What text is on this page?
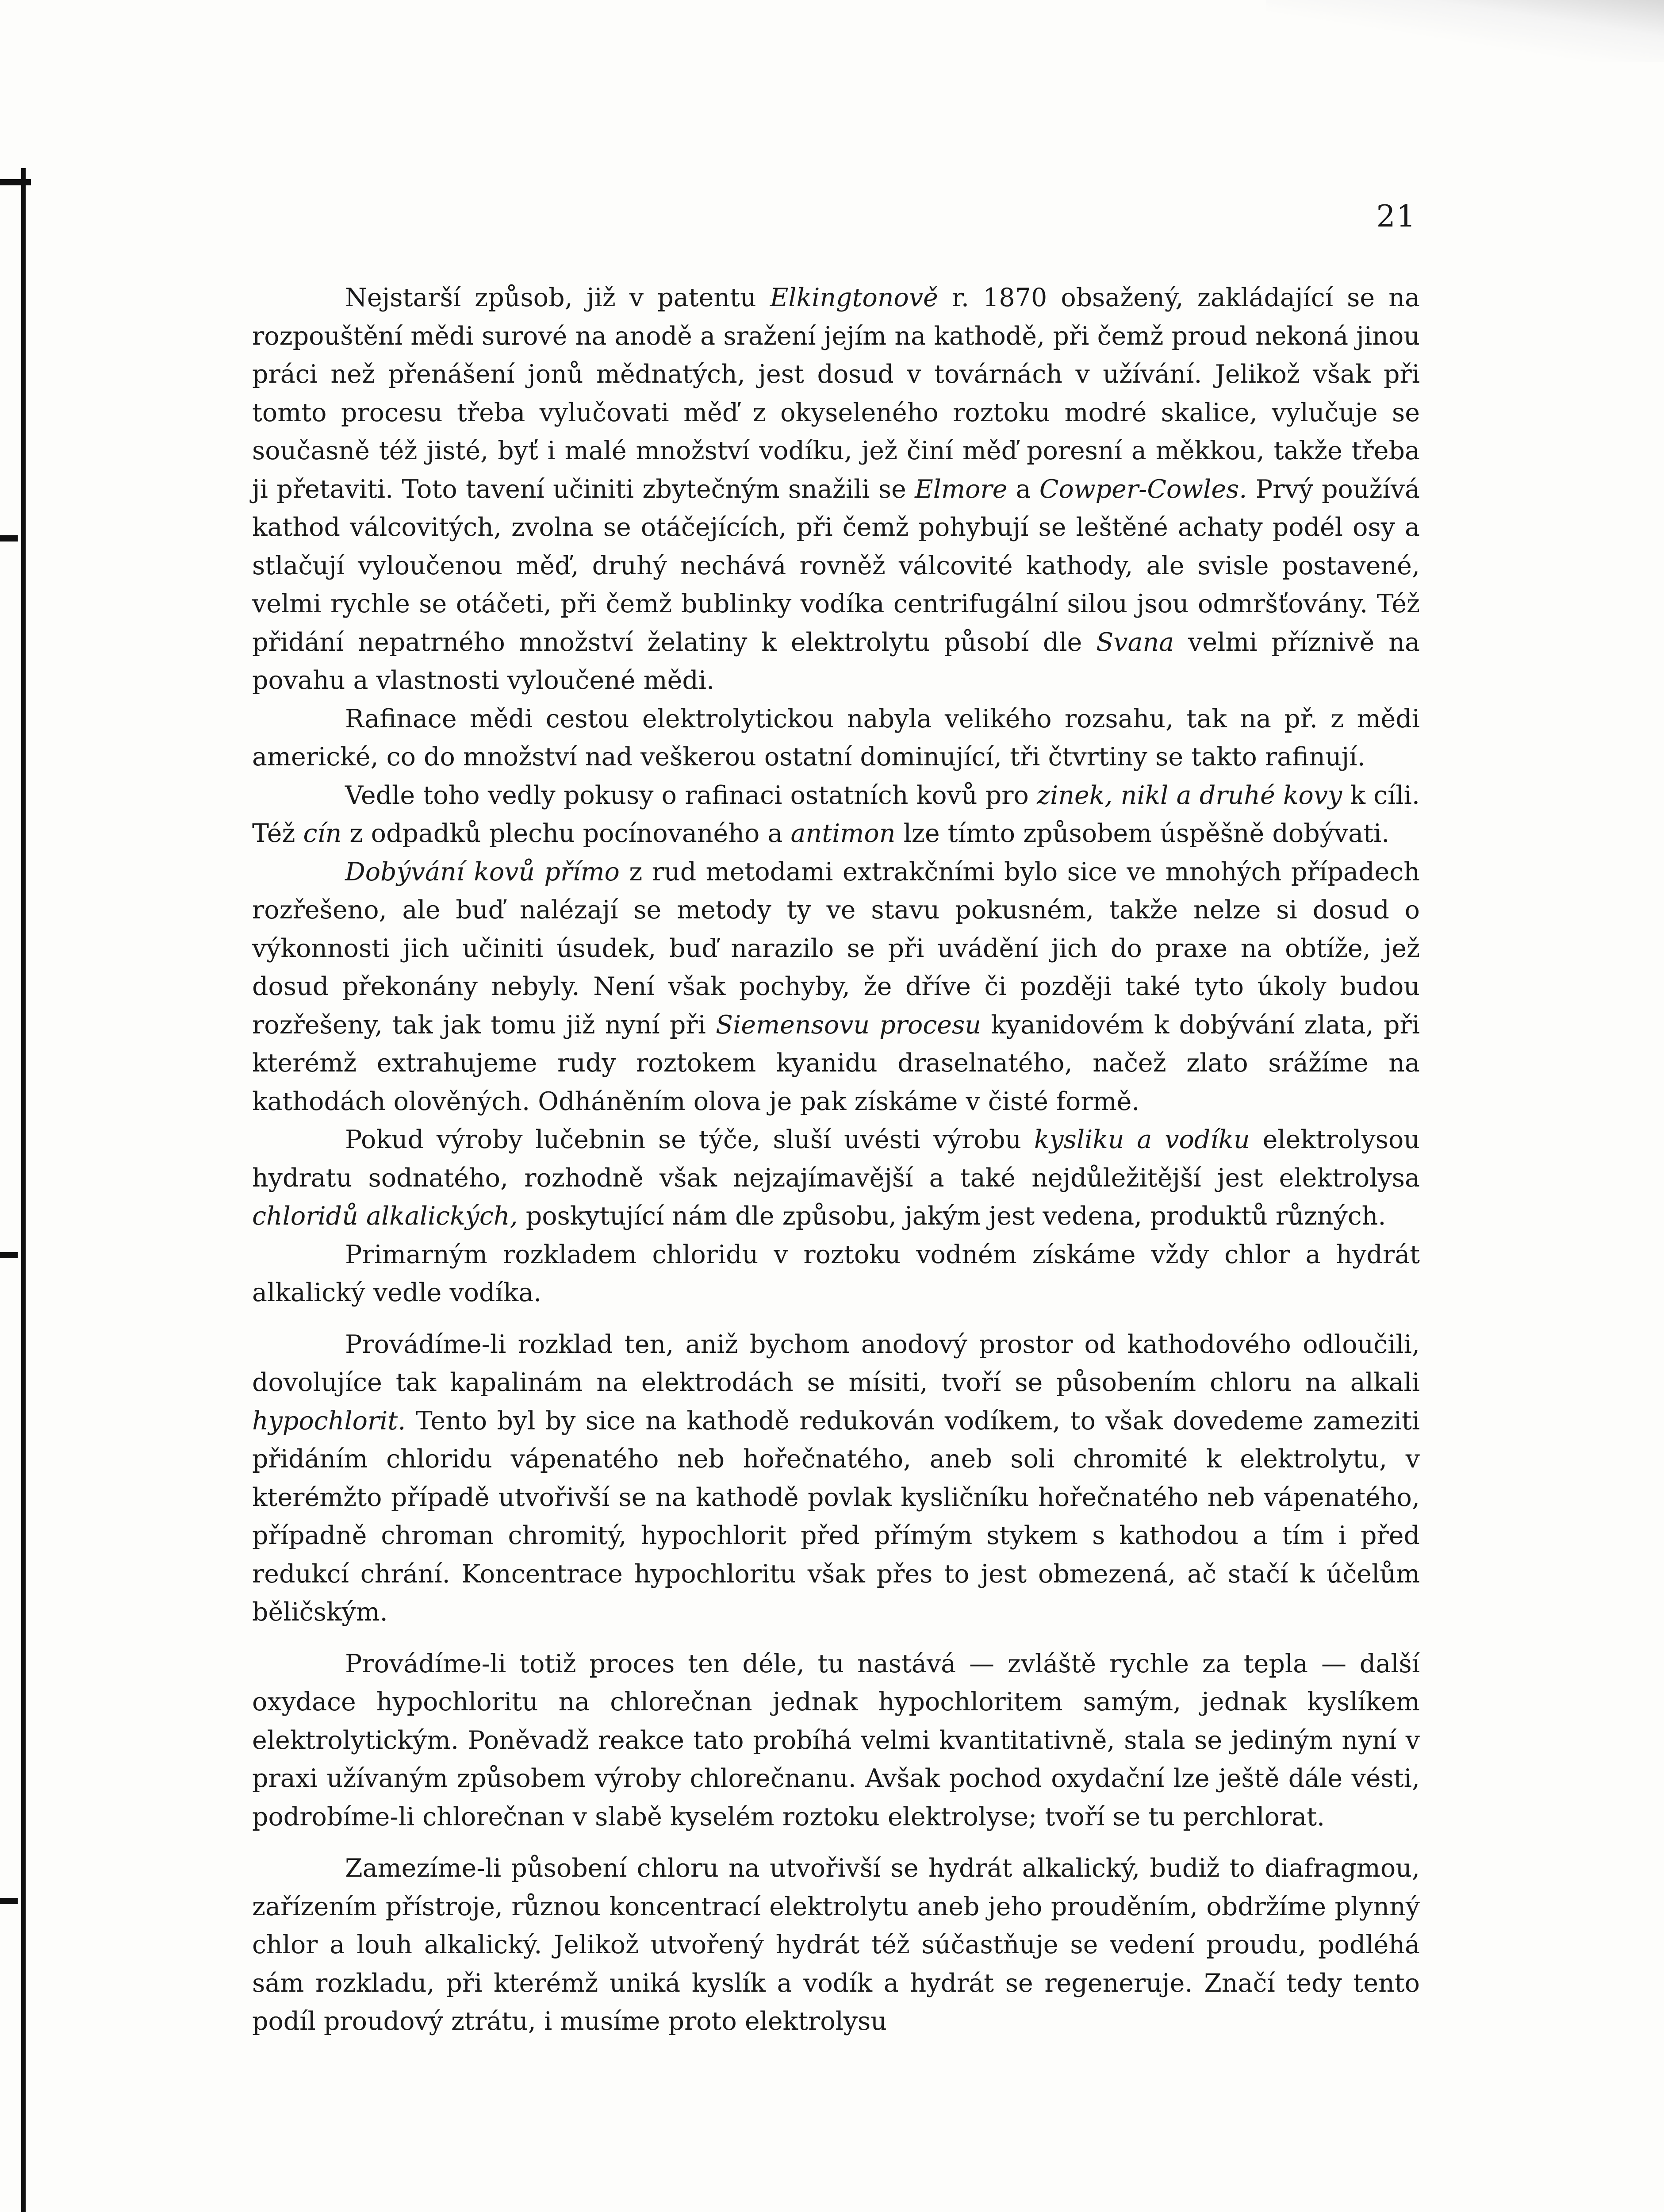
21

Nejstarší způsob, již v patentu Elkingtonově r. 1870 obsažený, zakládající se na rozpouštění mědi surové na anodě a sražení jejím na kathodě, při čemž proud nekoná jinou práci než přenášení jonů mědnatých, jest dosud v továrnách v užívání. Jelikož však při tomto procesu třeba vylučovati měď z okyseleného roztoku modré skalice, vylučuje se současně též jisté, byť i malé množství vodíku, jež činí měď poresní a měkkou, takže třeba ji přetaviti. Toto tavení učiniti zbytečným snažili se Elmore a Cowper-Cowles. Prvý používá kathod válcovitých, zvolna se otáčejících, při čemž pohybují se leštěné achaty podél osy a stlačují vyloučenou měď, druhý nechává rovněž válcovité kathody, ale svisle postavené, velmi rychle se otáčeti, při čemž bublinky vodíka centrifugální silou jsou odmršťovány. Též přidání nepatrného množství želatiny k elektrolytu působí dle Svana velmi příznivě na povahu a vlastnosti vyloučené mědi.

Rafinace mědi cestou elektrolytickou nabyla velikého rozsahu, tak na př. z mědi americké, co do množství nad veškerou ostatní dominující, tři čtvrtiny se takto rafinují.

Vedle toho vedly pokusy o rafinaci ostatních kovů pro zinek, nikl a druhé kovy k cíli. Též cín z odpadků plechu pocínovaného a antimon lze tímto způsobem úspěšně dobývati.

Dobývání kovů přímo z rud metodami extrakčními bylo sice ve mnohých případech rozřešeno, ale buď nalézají se metody ty ve stavu pokusném, takže nelze si dosud o výkonnosti jich učiniti úsudek, buď narazilo se při uvádění jich do praxe na obtíže, jež dosud překonány nebyly. Není však pochyby, že dříve či později také tyto úkoly budou rozřešeny, tak jak tomu již nyní při Siemensovu procesu kyanidovém k dobývání zlata, při kterémž extrahujeme rudy roztokem kyanidu draselnatého, načež zlato srážíme na kathodách olověných. Odháněním olova je pak získáme v čisté formě.

Pokud výroby lučebnin se týče, sluší uvésti výrobu kysliku a vodíku elektrolysou hydratu sodnatého, rozhodně však nejzajímavější a také nejdůležitější jest elektrolysa chloridů alkalických, poskytující nám dle způsobu, jakým jest vedena, produktů různých.

Primarným rozkladem chloridu v roztoku vodném získáme vždy chlor a hydrát alkalický vedle vodíka.

Provádíme-li rozklad ten, aniž bychom anodový prostor od kathodového odloučili, dovolujíce tak kapalinám na elektrodách se mísiti, tvoří se působením chloru na alkali hypochlorit. Tento byl by sice na kathodě redukován vodíkem, to však dovedeme zameziti přidáním chloridu vápenatého neb hořečnatého, aneb soli chromité k elektrolytu, v kterémžto případě utvořivší se na kathodě povlak kysličníku hořečnatého neb vápenatého, případně chroman chromitý, hypochlorit před přímým stykem s kathodou a tím i před redukcí chrání. Koncentrace hypochloritu však přes to jest obmezená, ač stačí k účelům běličským.

Provádíme-li totiž proces ten déle, tu nastává — zvláště rychle za tepla — další oxydace hypochloritu na chlorečnan jednak hypochloritem samým, jednak kyslíkem elektrolytickým. Poněvadž reakce tato probíhá velmi kvantitativně, stala se jediným nyní v praxi užívaným způsobem výroby chlorečnanu. Avšak pochod oxydační lze ještě dále vésti, podrobíme-li chlorečnan v slabě kyselém roztoku elektrolyse; tvoří se tu perchlorat.

Zamezíme-li působení chloru na utvořivší se hydrát alkalický, budiž to diafragmou, zařízením přístroje, různou koncentrací elektrolytu aneb jeho prouděním, obdržíme plynný chlor a louh alkalický. Jelikož utvořený hydrát též súčastňuje se vedení proudu, podléhá sám rozkladu, při kterémž uniká kyslík a vodík a hydrát se regeneruje. Značí tedy tento podíl proudový ztrátu, i musíme proto elektrolysu
